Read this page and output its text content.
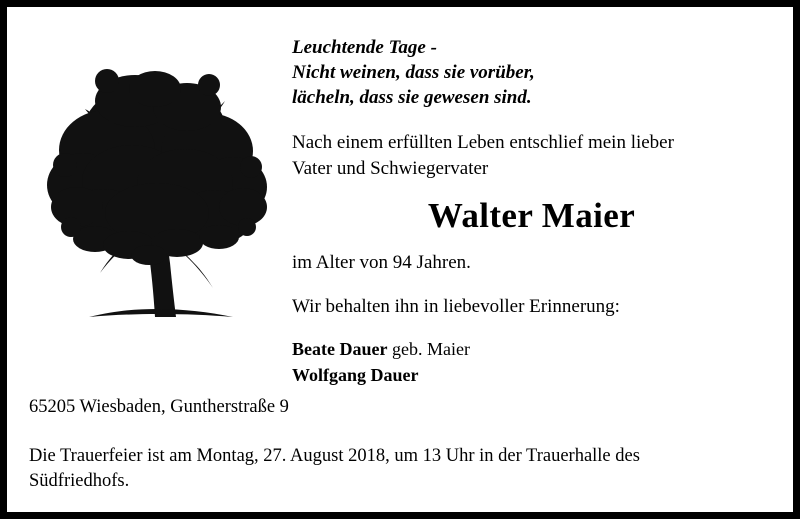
Leuchtende Tage -
Nicht weinen, dass sie vorüber,
lächeln, dass sie gewesen sind.
Nach einem erfüllten Leben entschlief mein lieber
Vater und Schwiegervater
Walter Maier
im Alter von 94 Jahren.
Wir behalten ihn in liebevoller Erinnerung:
Beate Dauer geb. Maier
Wolfgang Dauer
65205 Wiesbaden, Guntherstraße 9
Die Trauerfeier ist am Montag, 27. August 2018, um 13 Uhr in der Trauerhalle des Südfriedhofs.
